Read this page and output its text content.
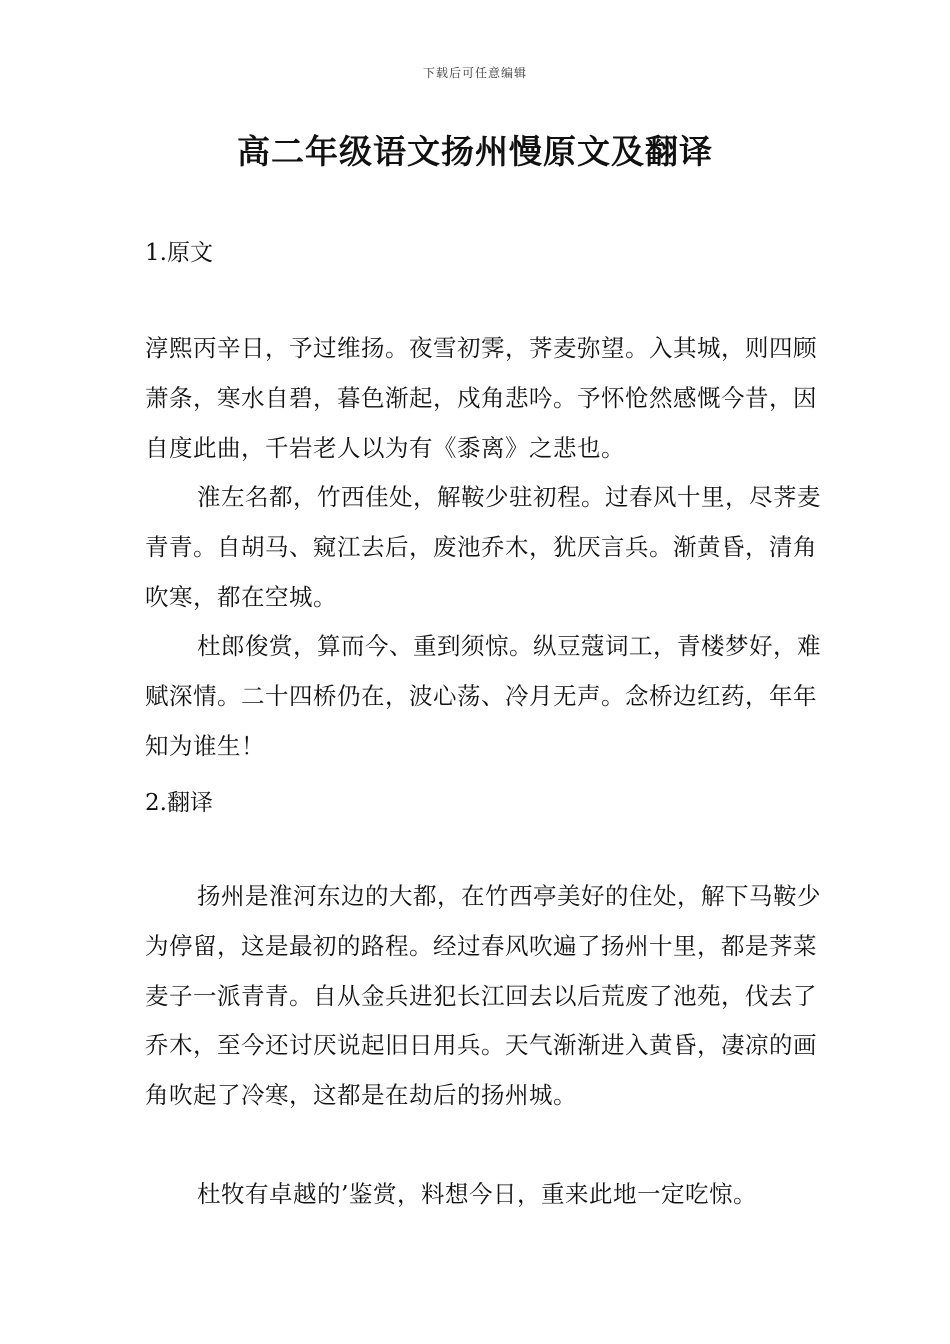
下载后可任意编辑
高二年级语文扬州慢原文及翻译
1.原文

淳熙丙辛日，予过维扬。夜雪初霁，荠麦弥望。入其城，则四顾萧条，寒水自碧，暮色渐起，戍角悲吟。予怀怆然感慨今昔，因自度此曲，千岩老人以为有《黍离》之悲也。

淮左名都，竹西佳处，解鞍少驻初程。过春风十里，尽荠麦青青。自胡马、窥江去后，废池乔木，犹厌言兵。渐黄昏，清角吹寒，都在空城。

杜郎俊赏，算而今、重到须惊。纵豆蔻词工，青楼梦好，难赋深情。二十四桥仍在，波心荡、冷月无声。念桥边红药，年年知为谁生！

2.翻译

扬州是淮河东边的大都，在竹西亭美好的住处，解下马鞍少为停留，这是最初的路程。经过春风吹遍了扬州十里，都是荠菜麦子一派青青。自从金兵进犯长江回去以后荒废了池苑，伐去了乔木，至今还讨厌说起旧日用兵。天气渐渐进入黄昏，凄凉的画角吹起了冷寒，这都是在劫后的扬州城。

杜牧有卓越的’鉴赏，料想今日，重来此地一定吃惊。
